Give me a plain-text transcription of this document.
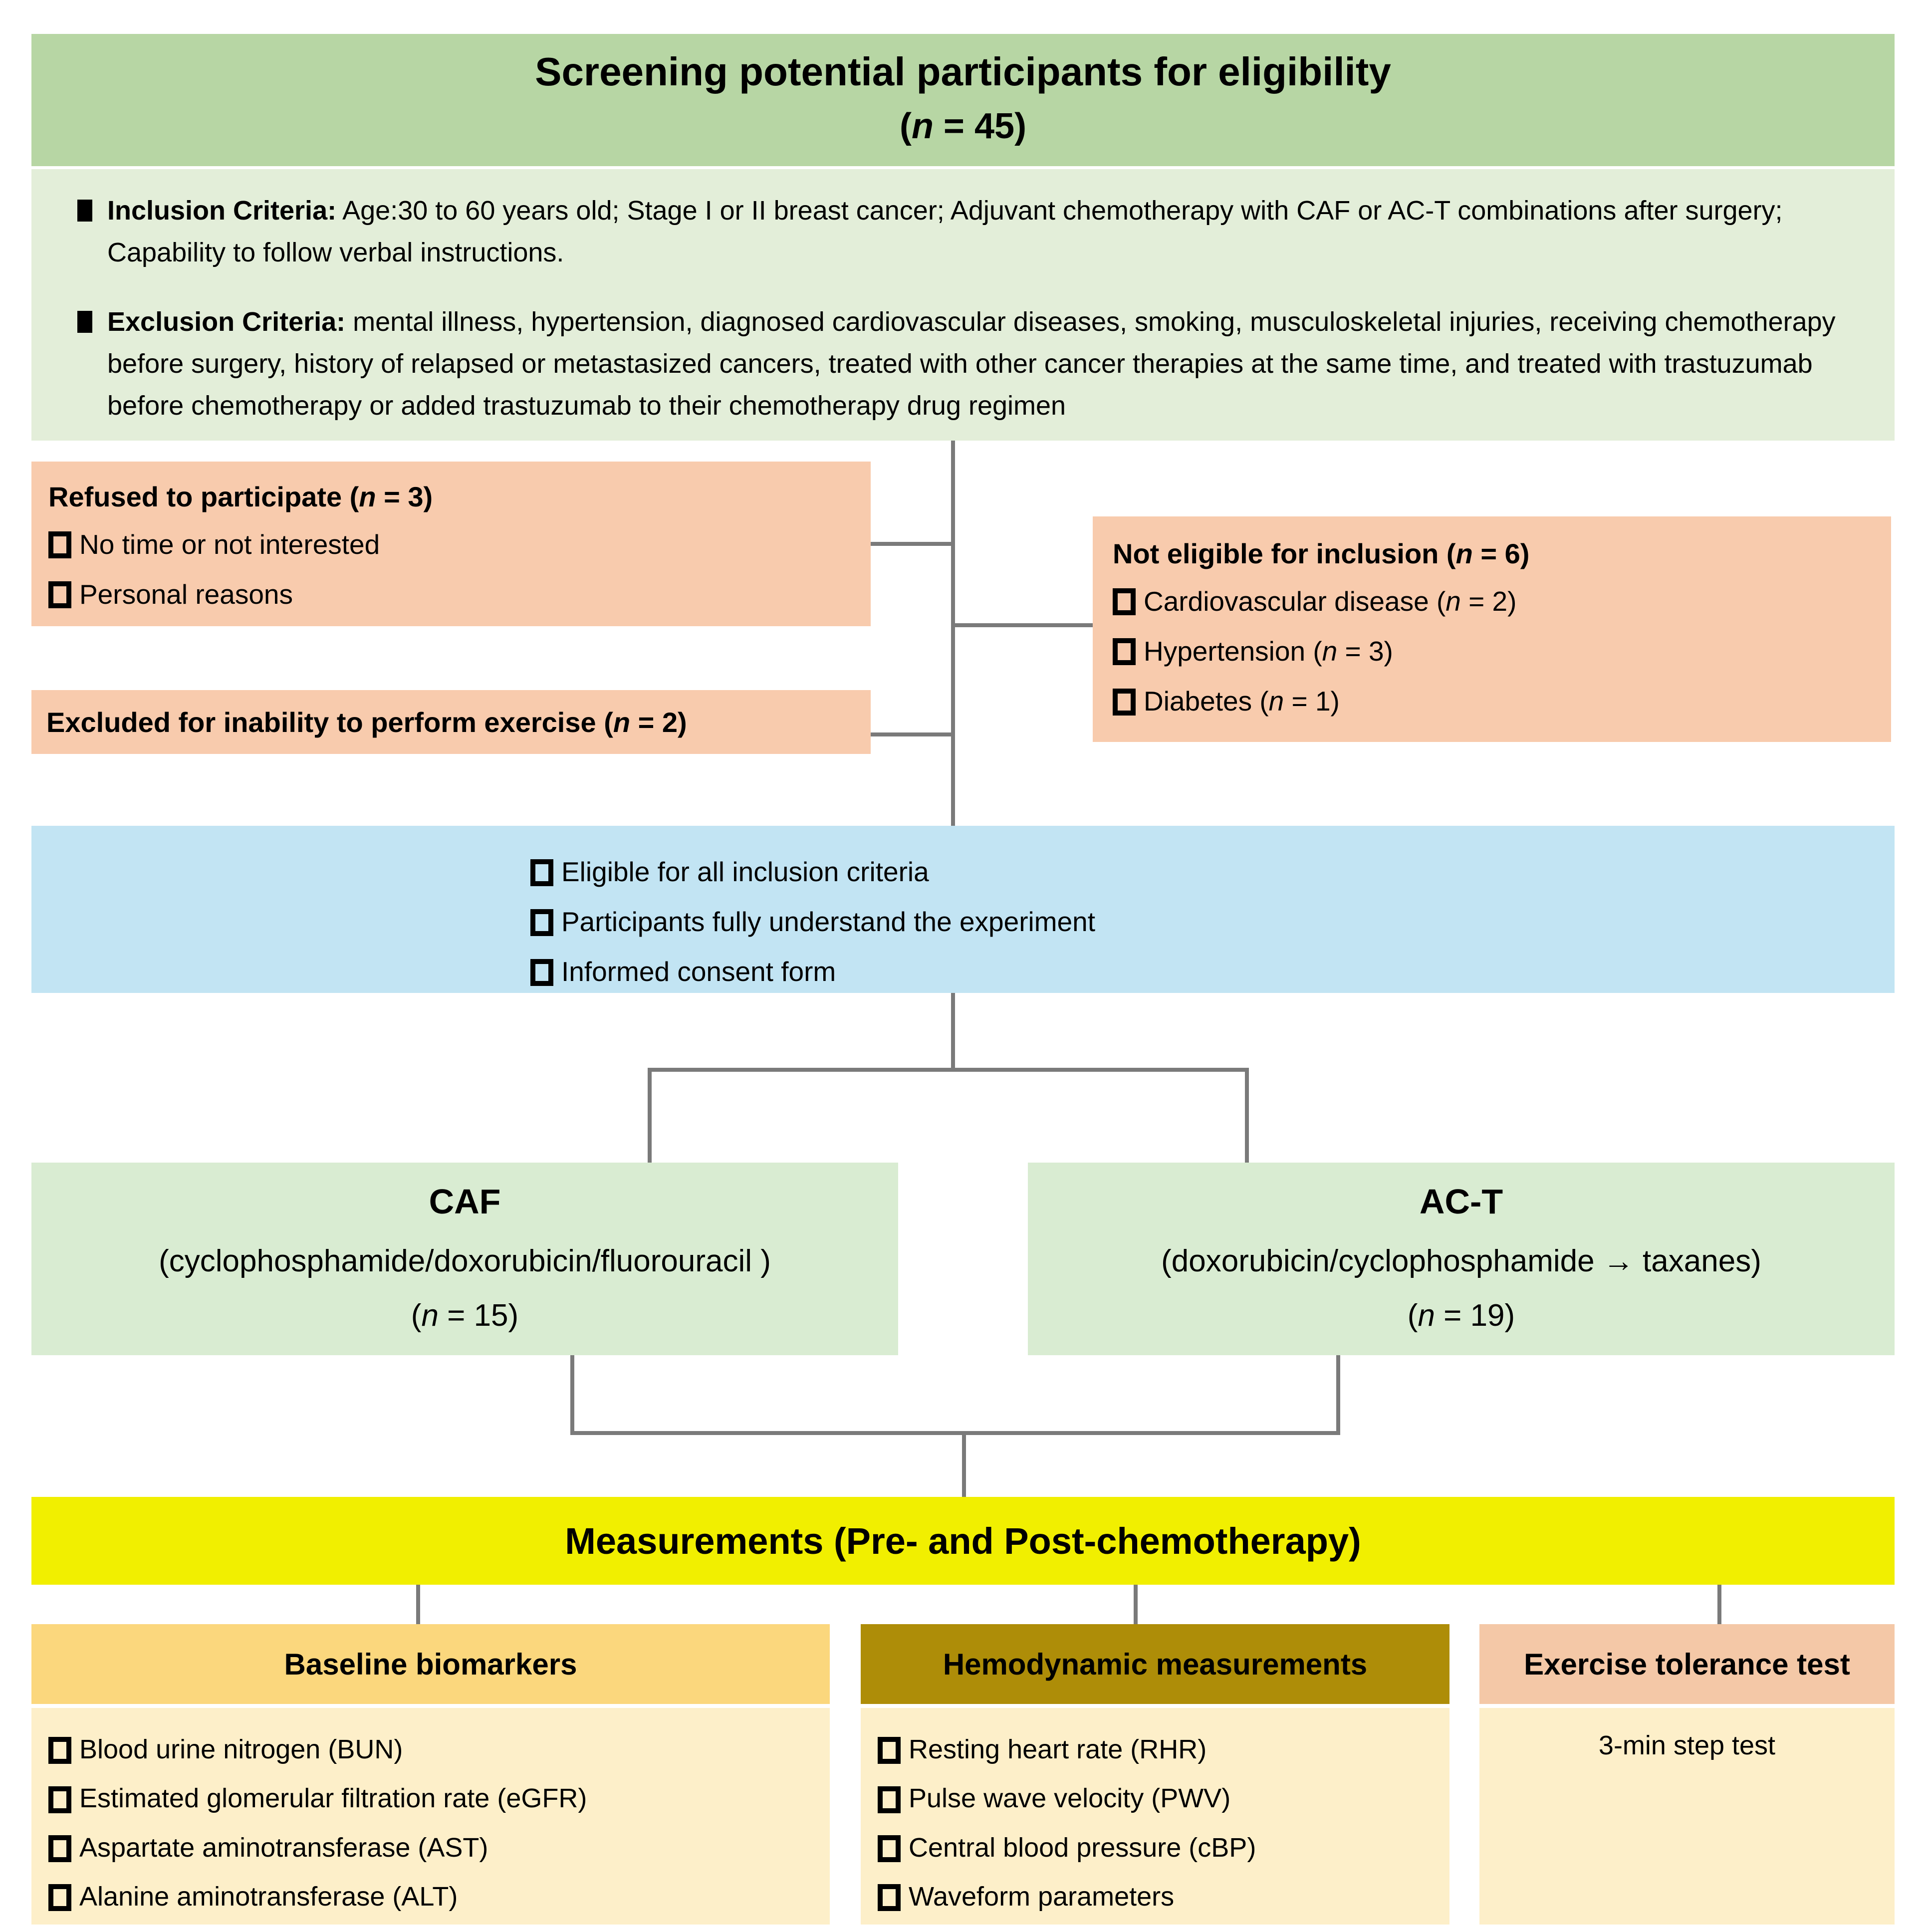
Screening potential participants for eligibility
(n = 45)

Inclusion Criteria: Age:30 to 60 years old; Stage I or II breast cancer; Adjuvant chemotherapy with CAF or AC-T combinations after surgery; Capability to follow verbal instructions.

Exclusion Criteria: mental illness, hypertension, diagnosed cardiovascular diseases, smoking, musculoskeletal injuries, receiving chemotherapy before surgery, history of relapsed or metastasized cancers, treated with other cancer therapies at the same time, and treated with trastuzumab before chemotherapy or added trastuzumab to their chemotherapy drug regimen

Refused to participate (n = 3)
No time or not interested
Personal reasons
Not eligible for inclusion (n = 6)
Cardiovascular disease (n = 2)
Hypertension (n = 3)
Diabetes (n = 1)
Excluded for inability to perform exercise (n = 2)
Eligible for all inclusion criteria
Participants fully understand the experiment
Informed consent form
CAF
(cyclophosphamide/doxorubicin/fluorouracil )
(n = 15)
AC-T
(doxorubicin/cyclophosphamide → taxanes)
(n = 19)
Measurements (Pre- and Post-chemotherapy)
Baseline biomarkers
Blood urine nitrogen (BUN)
Estimated glomerular filtration rate (eGFR)
Aspartate aminotransferase (AST)
Alanine aminotransferase (ALT)
Hemodynamic measurements
Resting heart rate (RHR)
Pulse wave velocity (PWV)
Central blood pressure (cBP)
Waveform parameters
Exercise tolerance test
3-min step test
